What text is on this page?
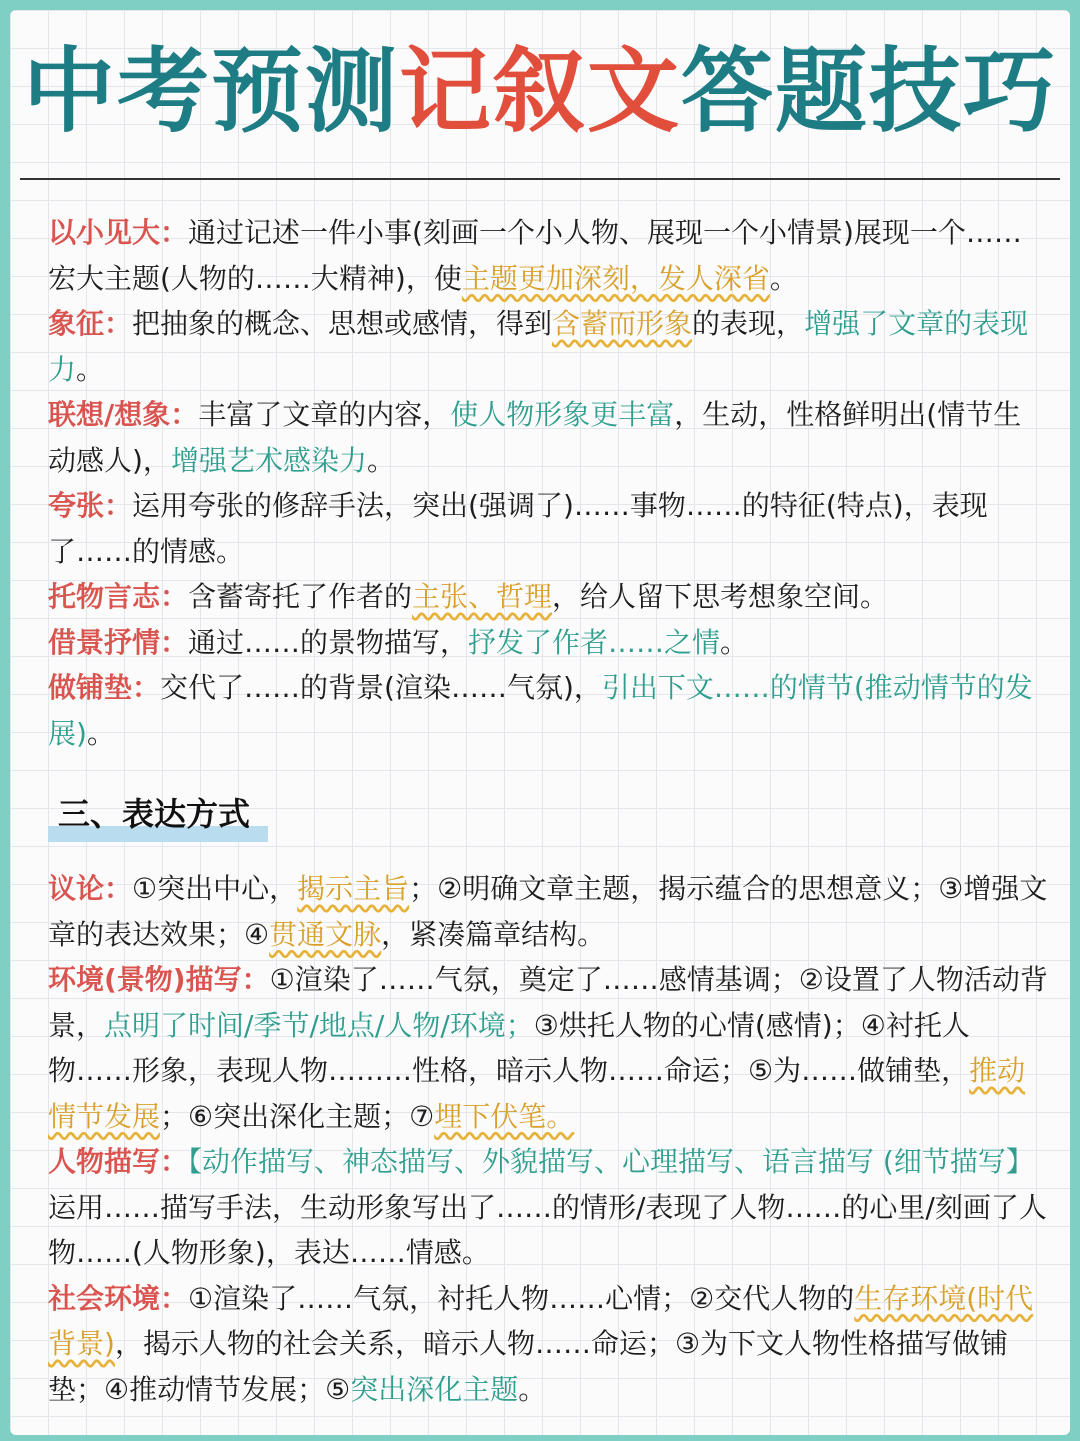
中考预测记叙文答题技巧

以小见大：通过记述一件小事(刻画一个小人物、展现一个小情景)展现一个……宏大主题(人物的……大精神)，使主题更加深刻，发人深省。

象征：把抽象的概念、思想或感情，得到含蓄而形象的表现，增强了文章的表现力。

联想/想象：丰富了文章的内容，使人物形象更丰富，生动，性格鲜明出(情节生动感人)，增强艺术感染力。

夸张：运用夸张的修辞手法，突出(强调了)……事物……的特征(特点)，表现了……的情感。

托物言志：含蓄寄托了作者的主张、哲理，给人留下思考想象空间。

借景抒情：通过……的景物描写，抒发了作者……之情。

做铺垫：交代了……的背景(渲染……气氛)，引出下文……的情节(推动情节的发展)。

三、表达方式

议论：①突出中心，揭示主旨；②明确文章主题，揭示蕴合的思想意义；③增强文章的表达效果；④贯通文脉，紧凑篇章结构。

环境(景物)描写：①渲染了……气氛，奠定了……感情基调；②设置了人物活动背景，点明了时间/季节/地点/人物/环境；③烘托人物的心情(感情)；④衬托人物……形象，表现人物………性格，暗示人物……命运；⑤为……做铺垫，推动情节发展；⑥突出深化主题；⑦埋下伏笔。

人物描写：【动作描写、神态描写、外貌描写、心理描写、语言描写 (细节描写】运用……描写手法，生动形象写出了……的情形/表现了人物……的心里/刻画了人物……(人物形象)，表达……情感。

社会环境：①渲染了……气氛，衬托人物……心情；②交代人物的生存环境(时代背景)，揭示人物的社会关系，暗示人物……命运；③为下文人物性格描写做铺垫；④推动情节发展；⑤突出深化主题。
